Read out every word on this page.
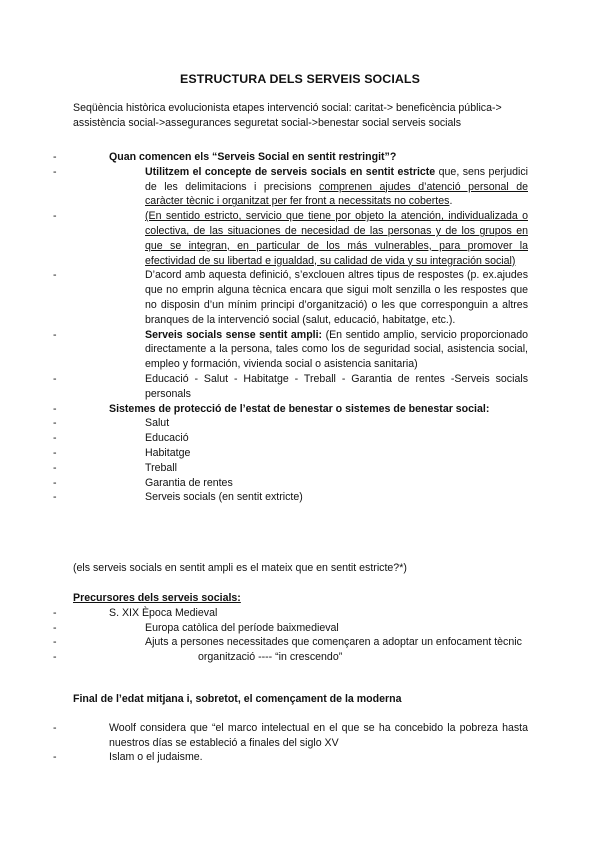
ESTRUCTURA DELS SERVEIS SOCIALS
Seqüència històrica evolucionista etapes intervenció social: caritat-> beneficència pública->
assistència social->assegurances seguretat social->benestar social serveis socials
-	Quan comencen els “Serveis Social en sentit restringit”?
-	Utilitzem el concepte de serveis socials en sentit estricte que, sens perjudici de les delimitacions i precisions comprenen ajudes d’atenció personal de caràcter tècnic i organitzat per fer front a necessitats no cobertes.
-	(En sentido estricto, servicio que tiene por objeto la atención, individualizada o colectiva, de las situaciones de necesidad de las personas y de los grupos en que se integran, en particular de los más vulnerables, para promover la efectividad de su libertad e igualdad, su calidad de vida y su integración social)
-	D’acord amb aquesta definició, s’exclouen altres tipus de respostes (p. ex.ajudes que no emprin alguna tècnica encara que sigui molt senzilla o les respostes que no disposin d’un mínim principi d’organització) o les que corresponguin a altres branques de la intervenció social (salut, educació, habitatge, etc.).
-	Serveis socials sense sentit ampli: (En sentido amplio, servicio proporcionado directamente a la persona, tales como los de seguridad social, asistencia social, empleo y formación, vivienda social o asistencia sanitaria)
-	Educació - Salut - Habitatge - Treball - Garantia de rentes -Serveis socials personals
-	Sistemes de protecció de l’estat de benestar o sistemes de benestar social:
-	Salut
-	Educació
-	Habitatge
-	Treball
-	Garantia de rentes
-	Serveis socials (en sentit extricte)
(els serveis socials en sentit ampli es el mateix que en sentit estricte?*)
Precursores dels serveis socials:
-	S. XIX Època Medieval
-	Europa catòlica del període baixmedieval
-	Ajuts a persones necessitades que començaren a adoptar un enfocament tècnic
-	organització ---- “in crescendo”
Final de l’edat mitjana i, sobretot, el començament de la moderna
-	Woolf considera que “el marco intelectual en el que se ha concebido la pobreza hasta nuestros días se estableció a finales del siglo XV
-	Islam o el judaisme.
